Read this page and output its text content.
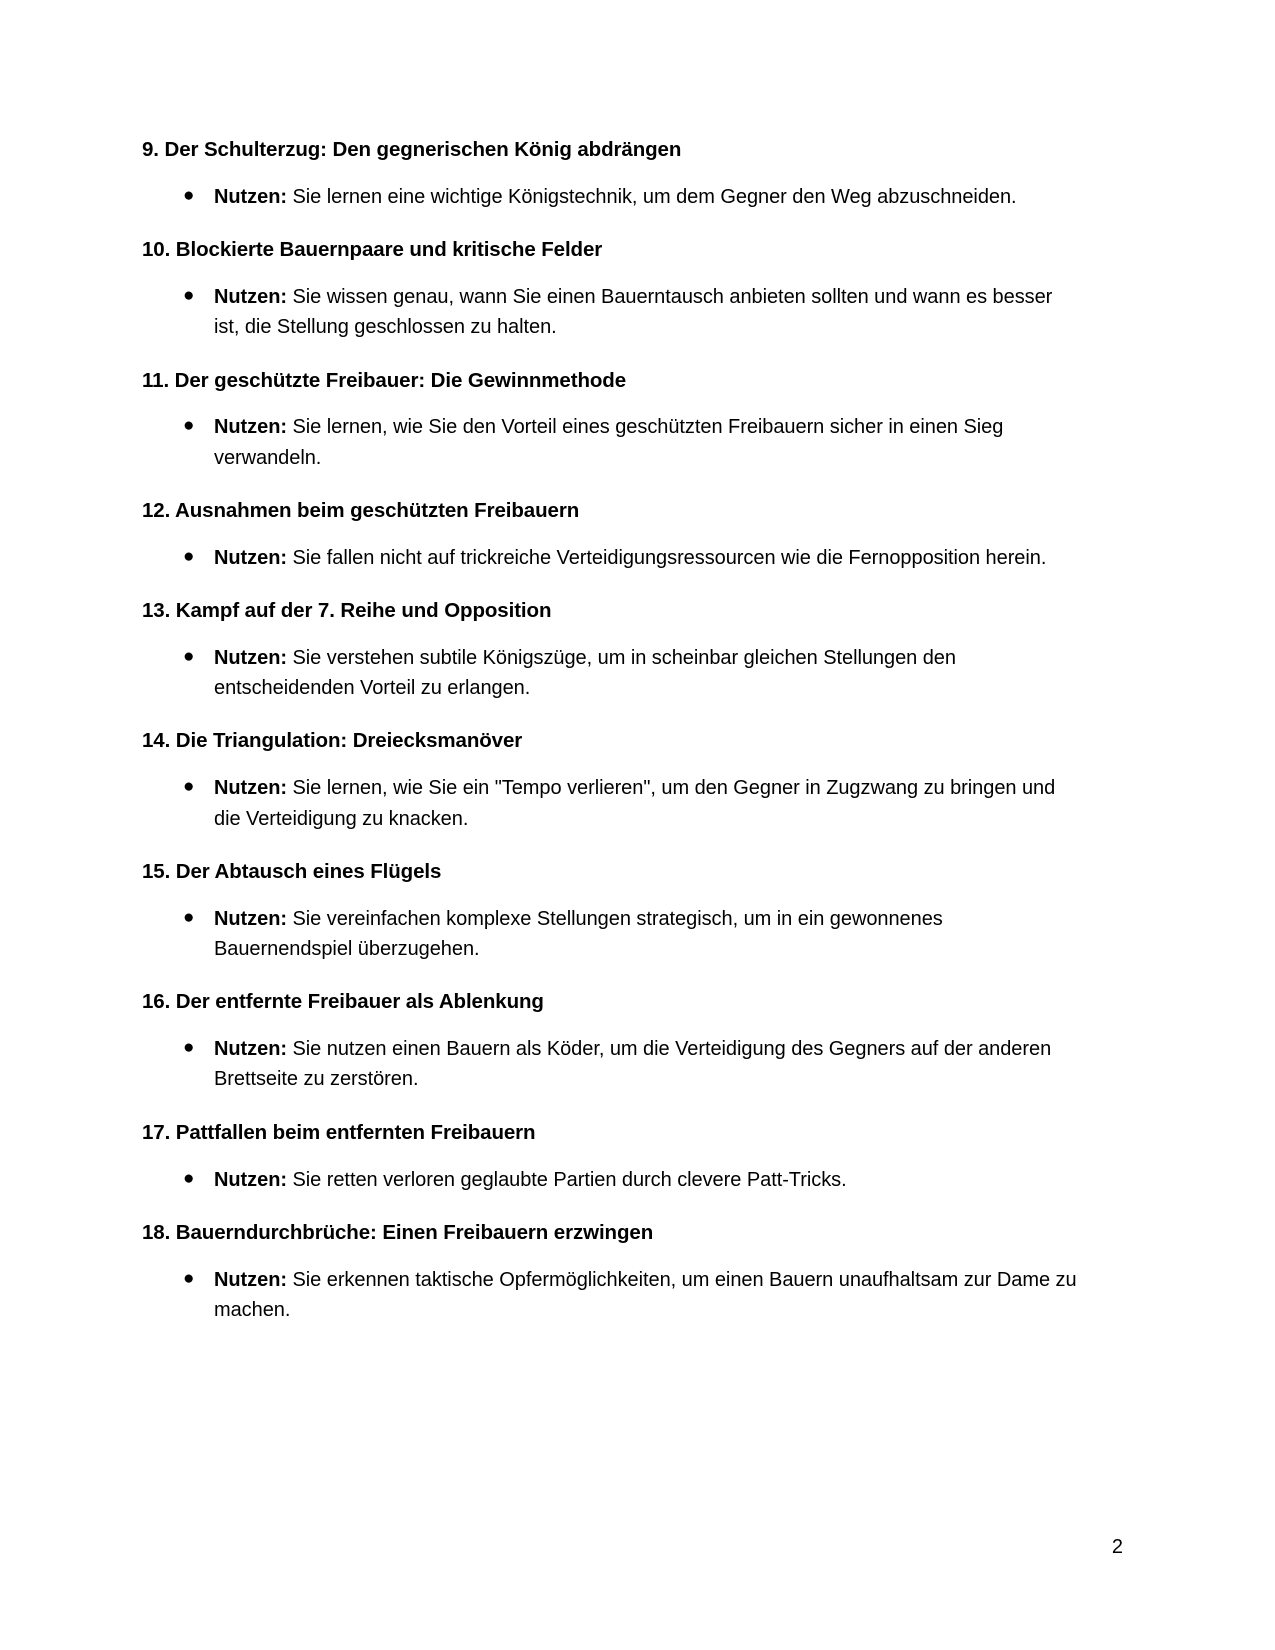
9. Der Schulterzug: Den gegnerischen König abdrängen
● Nutzen: Sie lernen eine wichtige Königstechnik, um dem Gegner den Weg abzuschneiden.
10. Blockierte Bauernpaare und kritische Felder
● Nutzen: Sie wissen genau, wann Sie einen Bauerntausch anbieten sollten und wann es besser ist, die Stellung geschlossen zu halten.
11. Der geschützte Freibauer: Die Gewinnmethode
● Nutzen: Sie lernen, wie Sie den Vorteil eines geschützten Freibauern sicher in einen Sieg verwandeln.
12. Ausnahmen beim geschützten Freibauern
● Nutzen: Sie fallen nicht auf trickreiche Verteidigungsressourcen wie die Fernopposition herein.
13. Kampf auf der 7. Reihe und Opposition
● Nutzen: Sie verstehen subtile Königszüge, um in scheinbar gleichen Stellungen den entscheidenden Vorteil zu erlangen.
14. Die Triangulation: Dreiecksmanöver
● Nutzen: Sie lernen, wie Sie ein "Tempo verlieren", um den Gegner in Zugzwang zu bringen und die Verteidigung zu knacken.
15. Der Abtausch eines Flügels
● Nutzen: Sie vereinfachen komplexe Stellungen strategisch, um in ein gewonnenes Bauernendspiel überzugehen.
16. Der entfernte Freibauer als Ablenkung
● Nutzen: Sie nutzen einen Bauern als Köder, um die Verteidigung des Gegners auf der anderen Brettseite zu zerstören.
17. Pattfallen beim entfernten Freibauern
● Nutzen: Sie retten verloren geglaubte Partien durch clevere Patt-Tricks.
18. Bauerndurchbrüche: Einen Freibauern erzwingen
● Nutzen: Sie erkennen taktische Opfermöglichkeiten, um einen Bauern unaufhaltsam zur Dame zu machen.
2
